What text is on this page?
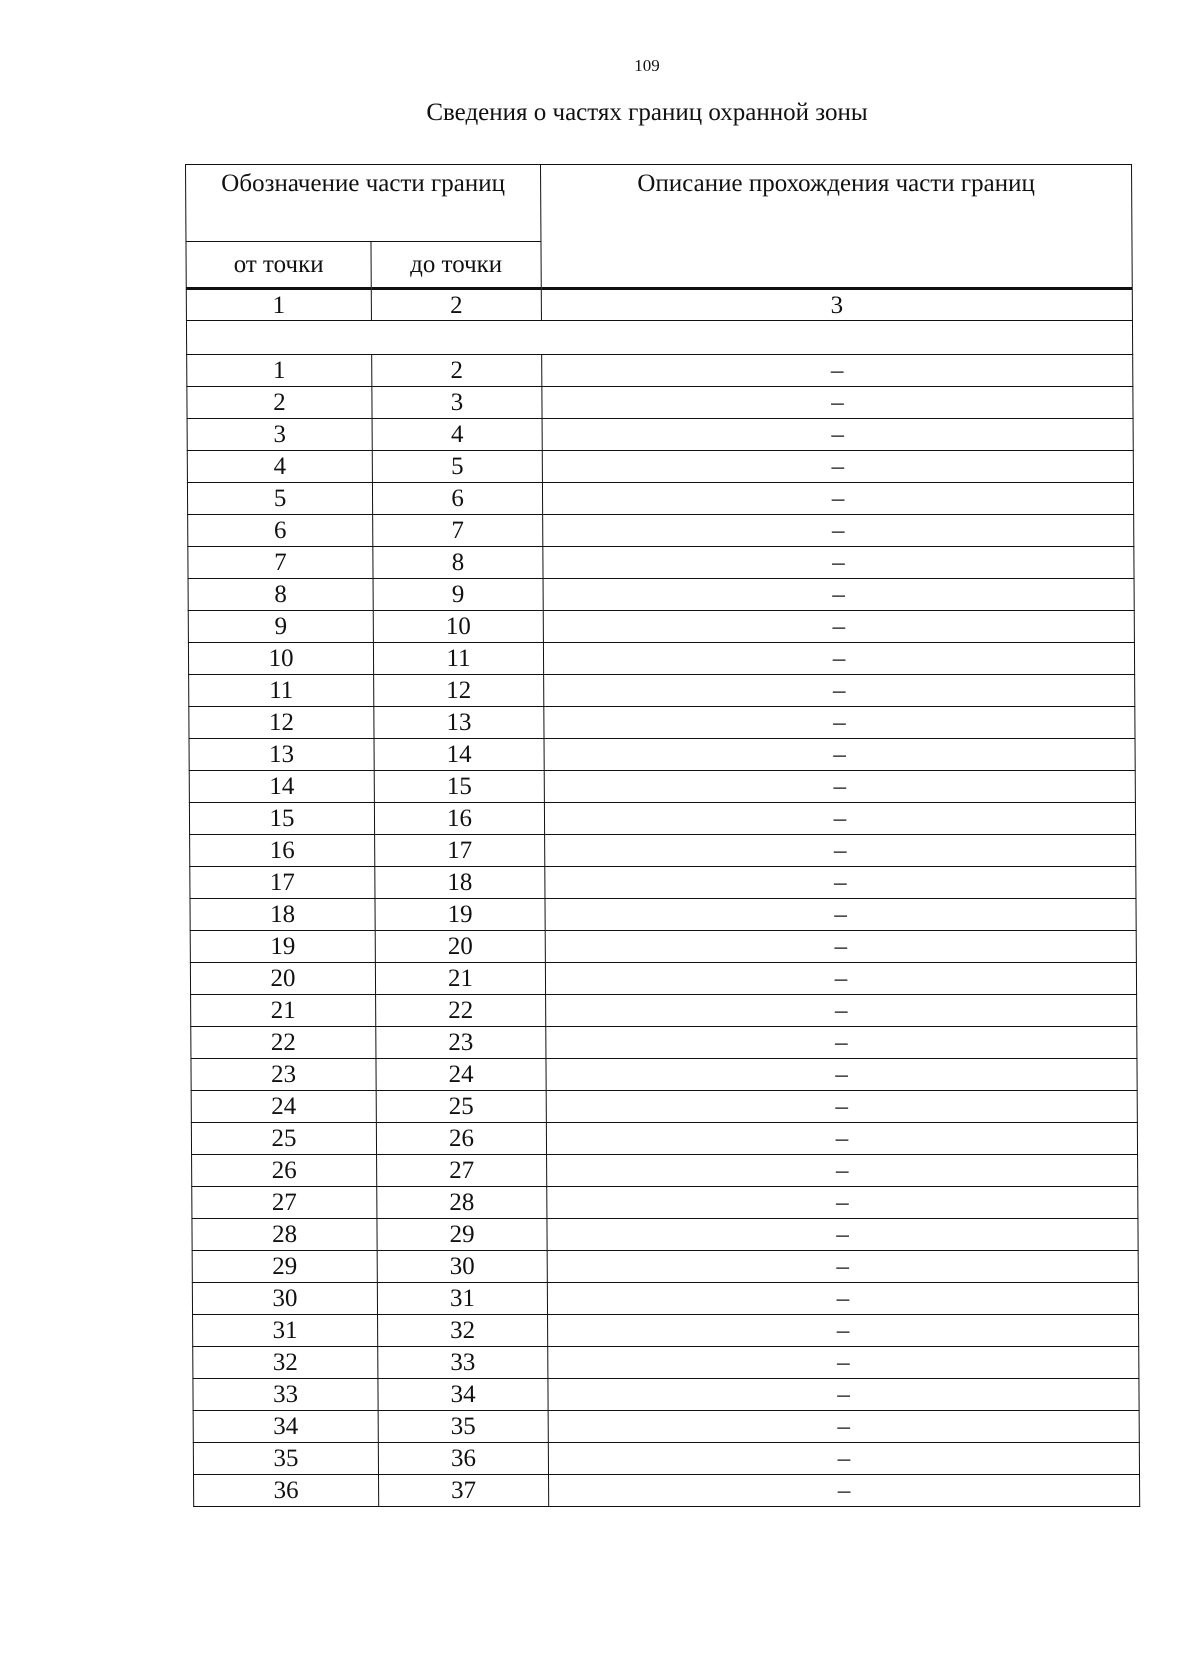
109
Сведения о частях границ охранной зоны
Обозначение части границ		Описание прохождения части границ
от точки	до точки	
1	2	3

1	2	–
2	3	–
3	4	–
4	5	–
5	6	–
6	7	–
7	8	–
8	9	–
9	10	–
10	11	–
11	12	–
12	13	–
13	14	–
14	15	–
15	16	–
16	17	–
17	18	–
18	19	–
19	20	–
20	21	–
21	22	–
22	23	–
23	24	–
24	25	–
25	26	–
26	27	–
27	28	–
28	29	–
29	30	–
30	31	–
31	32	–
32	33	–
33	34	–
34	35	–
35	36	–
36	37	–
